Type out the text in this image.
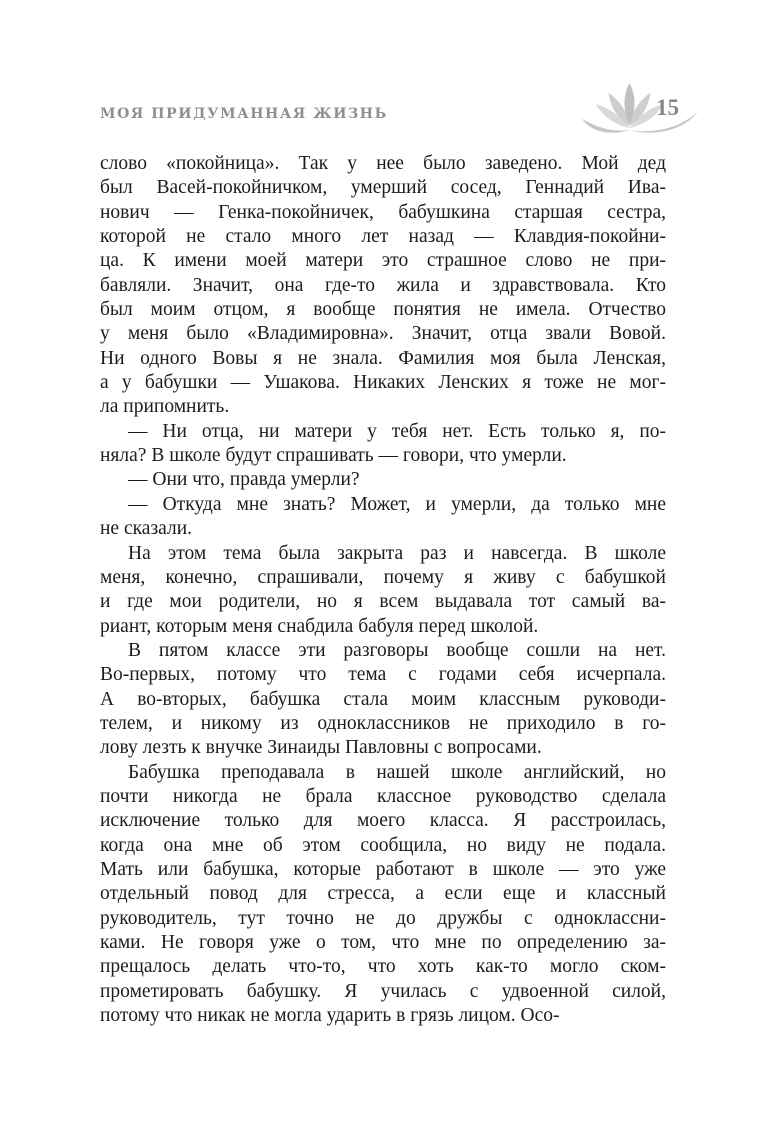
МОЯ ПРИДУМАННАЯ ЖИЗНЬ	15
слово «покойница». Так у нее было заведено. Мой дед
был Васей-покойничком, умерший сосед, Геннадий Ива-
нович — Генка-покойничек, бабушкина старшая сестра,
которой не стало много лет назад — Клавдия-покойни-
ца. К имени моей матери это страшное слово не при-
бавляли. Значит, она где-то жила и здравствовала. Кто
был моим отцом, я вообще понятия не имела. Отчество
у меня было «Владимировна». Значит, отца звали Вовой.
Ни одного Вовы я не знала. Фамилия моя была Ленская,
а у бабушки — Ушакова. Никаких Ленских я тоже не мог-
ла припомнить.
— Ни отца, ни матери у тебя нет. Есть только я, по-
няла? В школе будут спрашивать — говори, что умерли.
— Они что, правда умерли?
— Откуда мне знать? Может, и умерли, да только мне
не сказали.
На этом тема была закрыта раз и навсегда. В школе
меня, конечно, спрашивали, почему я живу с бабушкой
и где мои родители, но я всем выдавала тот самый ва-
риант, которым меня снабдила бабуля перед школой.
В пятом классе эти разговоры вообще сошли на нет.
Во-первых, потому что тема с годами себя исчерпала.
А во-вторых, бабушка стала моим классным руководи-
телем, и никому из одноклассников не приходило в го-
лову лезть к внучке Зинаиды Павловны с вопросами.
Бабушка преподавала в нашей школе английский, но
почти никогда не брала классное руководство сделала
исключение только для моего класса. Я расстроилась,
когда она мне об этом сообщила, но виду не подала.
Мать или бабушка, которые работают в школе — это уже
отдельный повод для стресса, а если еще и классный
руководитель, тут точно не до дружбы с одноклассни-
ками. Не говоря уже о том, что мне по определению за-
прещалось делать что-то, что хоть как-то могло ском-
прометировать бабушку. Я училась с удвоенной силой,
потому что никак не могла ударить в грязь лицом. Осо-
